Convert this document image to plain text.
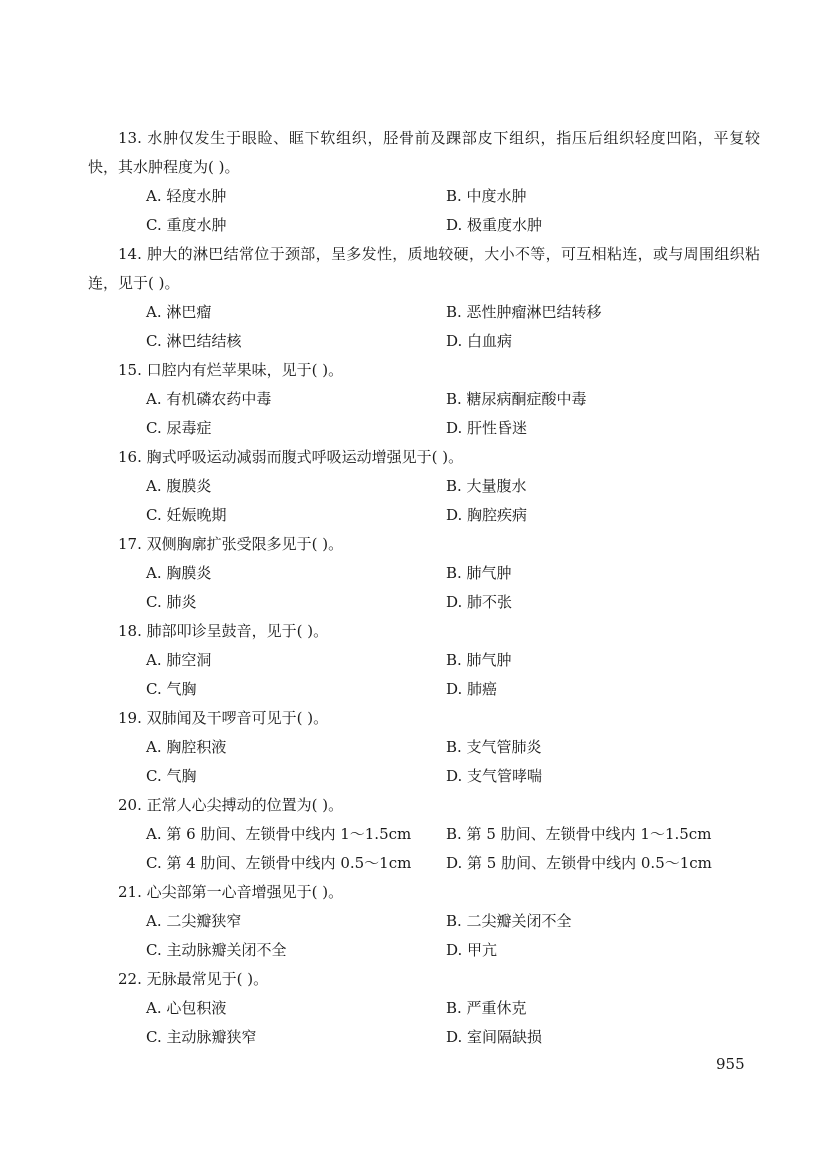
13. 水肿仅发生于眼睑、眶下软组织，胫骨前及踝部皮下组织，指压后组织轻度凹陷，平复较快，其水肿程度为( )。
A. 轻度水肿	B. 中度水肿
C. 重度水肿	D. 极重度水肿
14. 肿大的淋巴结常位于颈部，呈多发性，质地较硬，大小不等，可互相粘连，或与周围组织粘连，见于( )。
A. 淋巴瘤	B. 恶性肿瘤淋巴结转移
C. 淋巴结结核	D. 白血病
15. 口腔内有烂苹果味，见于( )。
A. 有机磷农药中毒	B. 糖尿病酮症酸中毒
C. 尿毒症	D. 肝性昏迷
16. 胸式呼吸运动减弱而腹式呼吸运动增强见于( )。
A. 腹膜炎	B. 大量腹水
C. 妊娠晚期	D. 胸腔疾病
17. 双侧胸廓扩张受限多见于( )。
A. 胸膜炎	B. 肺气肿
C. 肺炎	D. 肺不张
18. 肺部叩诊呈鼓音，见于( )。
A. 肺空洞	B. 肺气肿
C. 气胸	D. 肺癌
19. 双肺闻及干啰音可见于( )。
A. 胸腔积液	B. 支气管肺炎
C. 气胸	D. 支气管哮喘
20. 正常人心尖搏动的位置为( )。
A. 第 6 肋间、左锁骨中线内 1～1.5cm B. 第 5 肋间、左锁骨中线内 1～1.5cm
C. 第 4 肋间、左锁骨中线内 0.5～1cm D. 第 5 肋间、左锁骨中线内 0.5～1cm
21. 心尖部第一心音增强见于( )。
A. 二尖瓣狭窄	B. 二尖瓣关闭不全
C. 主动脉瓣关闭不全	D. 甲亢
22. 无脉最常见于( )。
A. 心包积液	B. 严重休克
C. 主动脉瓣狭窄	D. 室间隔缺损
955
